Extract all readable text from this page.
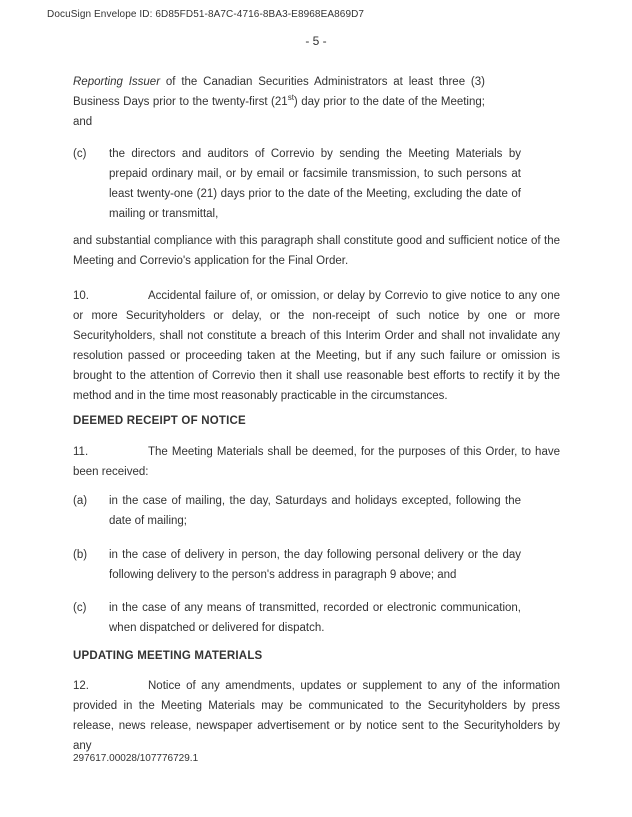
DocuSign Envelope ID: 6D85FD51-8A7C-4716-8BA3-E8968EA869D7
- 5 -
Reporting Issuer of the Canadian Securities Administrators at least three (3) Business Days prior to the twenty-first (21st) day prior to the date of the Meeting; and
(c)	the directors and auditors of Correvio by sending the Meeting Materials by prepaid ordinary mail, or by email or facsimile transmission, to such persons at least twenty-one (21) days prior to the date of the Meeting, excluding the date of mailing or transmittal,

and substantial compliance with this paragraph shall constitute good and sufficient notice of the Meeting and Correvio's application for the Final Order.

10.	Accidental failure of, or omission, or delay by Correvio to give notice to any one or more Securityholders or delay, or the non-receipt of such notice by one or more Securityholders, shall not constitute a breach of this Interim Order and shall not invalidate any resolution passed or proceeding taken at the Meeting, but if any such failure or omission is brought to the attention of Correvio then it shall use reasonable best efforts to rectify it by the method and in the time most reasonably practicable in the circumstances.
DEEMED RECEIPT OF NOTICE
11.	The Meeting Materials shall be deemed, for the purposes of this Order, to have been received:
(a)	in the case of mailing, the day, Saturdays and holidays excepted, following the date of mailing;
(b)	in the case of delivery in person, the day following personal delivery or the day following delivery to the person's address in paragraph 9 above; and
(c)	in the case of any means of transmitted, recorded or electronic communication, when dispatched or delivered for dispatch.
UPDATING MEETING MATERIALS
12.	Notice of any amendments, updates or supplement to any of the information provided in the Meeting Materials may be communicated to the Securityholders by press release, news release, newspaper advertisement or by notice sent to the Securityholders by any
297617.00028/107776729.1
